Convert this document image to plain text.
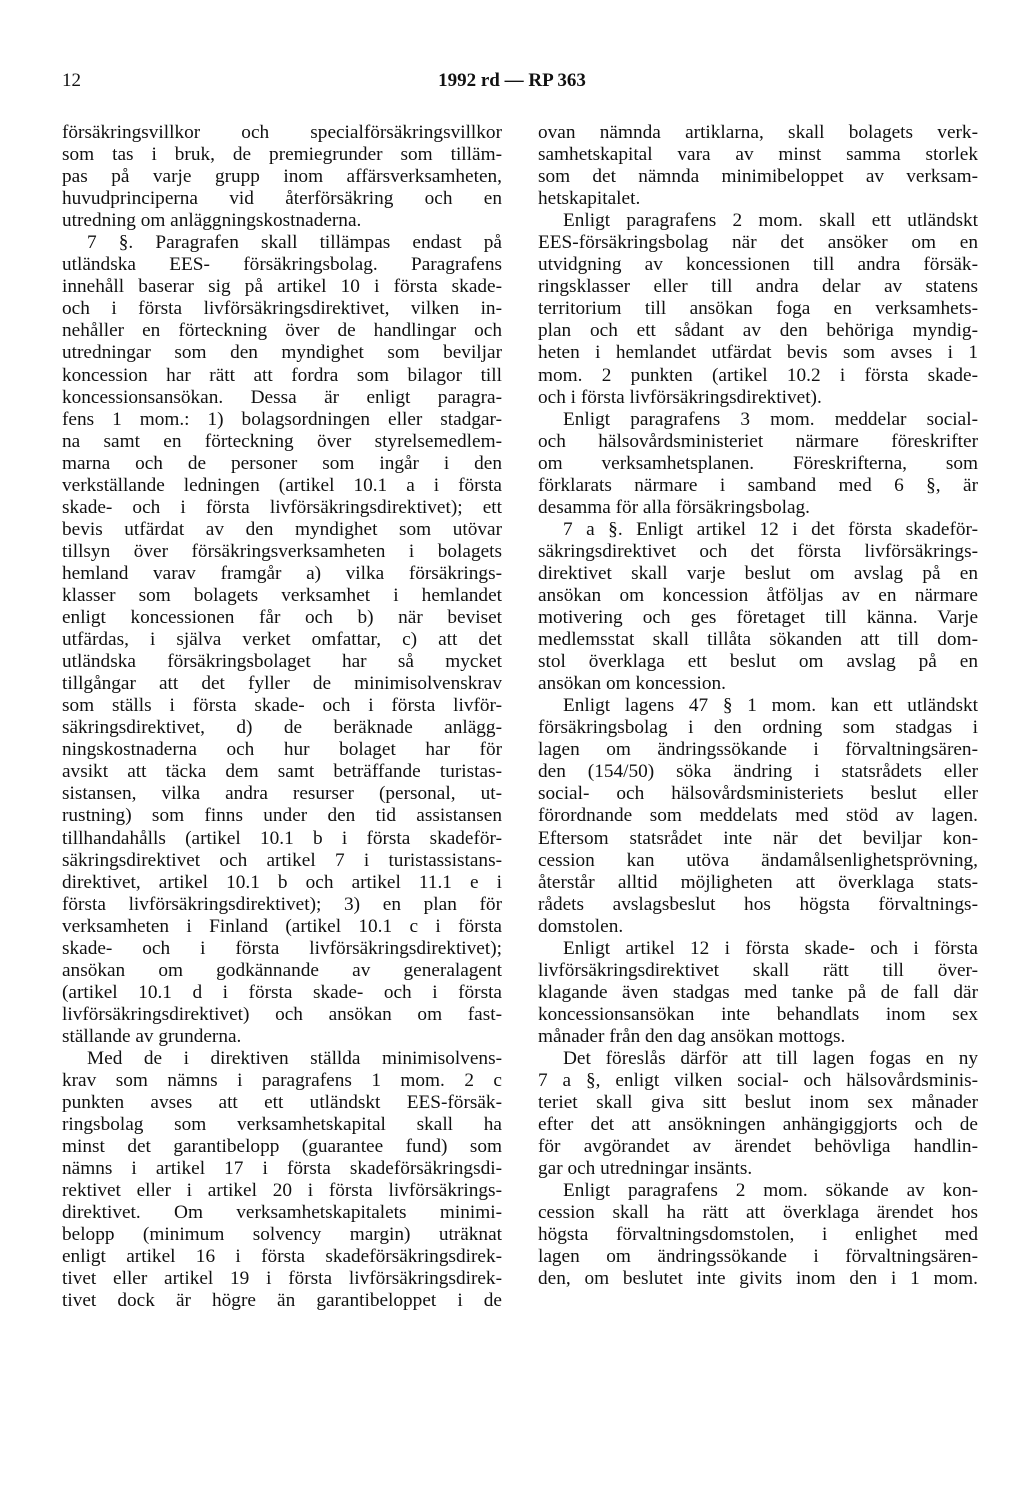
12	1992 rd — RP 363
försäkringsvillkor och specialförsäkringsvillkor
som tas i bruk, de premiegrunder som tilläm-
pas på varje grupp inom affärsverksamheten,
huvudprinciperna vid återförsäkring och en
utredning om anläggningskostnaderna.
7 §. Paragrafen skall tillämpas endast på
utländska EES- försäkringsbolag. Paragrafens
innehåll baserar sig på artikel 10 i första skade-
och i första livförsäkringsdirektivet, vilken in-
nehåller en förteckning över de handlingar och
utredningar som den myndighet som beviljar
koncession har rätt att fordra som bilagor till
koncessionsansökan. Dessa är enligt paragra-
fens 1 mom.: 1) bolagsordningen eller stadgar-
na samt en förteckning över styrelsemedlem-
marna och de personer som ingår i den
verkställande ledningen (artikel 10.1 a i första
skade- och i första livförsäkringsdirektivet); ett
bevis utfärdat av den myndighet som utövar
tillsyn över försäkringsverksamheten i bolagets
hemland varav framgår a) vilka försäkrings-
klasser som bolagets verksamhet i hemlandet
enligt koncessionen får och b) när beviset
utfärdas, i själva verket omfattar, c) att det
utländska försäkringsbolaget har så mycket
tillgångar att det fyller de minimisolvenskrav
som ställs i första skade- och i första livför-
säkringsdirektivet, d) de beräknade anlägg-
ningskostnaderna och hur bolaget har för
avsikt att täcka dem samt beträffande turistas-
sistansen, vilka andra resurser (personal, ut-
rustning) som finns under den tid assistansen
tillhandahålls (artikel 10.1 b i första skadeför-
säkringsdirektivet och artikel 7 i turistassistans-
direktivet, artikel 10.1 b och artikel 11.1 e i
första livförsäkringsdirektivet); 3) en plan för
verksamheten i Finland (artikel 10.1 c i första
skade- och i första livförsäkringsdirektivet);
ansökan om godkännande av generalagent
(artikel 10.1 d i första skade- och i första
livförsäkringsdirektivet) och ansökan om fast-
ställande av grunderna.
Med de i direktiven ställda minimisolvens-
krav som nämns i paragrafens 1 mom. 2 c
punkten avses att ett utländskt EES-försäk-
ringsbolag som verksamhetskapital skall ha
minst det garantibelopp (guarantee fund) som
nämns i artikel 17 i första skadeförsäkringsdi-
rektivet eller i artikel 20 i första livförsäkrings-
direktivet. Om verksamhetskapitalets minimi-
belopp (minimum solvency margin) uträknat
enligt artikel 16 i första skadeförsäkringsdirek-
tivet eller artikel 19 i första livförsäkringsdirek-
tivet dock är högre än garantibeloppet i de
ovan nämnda artiklarna, skall bolagets verk-
samhetskapital vara av minst samma storlek
som det nämnda minimibeloppet av verksam-
hetskapitalet.
Enligt paragrafens 2 mom. skall ett utländskt
EES-försäkringsbolag när det ansöker om en
utvidgning av koncessionen till andra försäk-
ringsklasser eller till andra delar av statens
territorium till ansökan foga en verksamhets-
plan och ett sådant av den behöriga myndig-
heten i hemlandet utfärdat bevis som avses i 1
mom. 2 punkten (artikel 10.2 i första skade-
och i första livförsäkringsdirektivet).
Enligt paragrafens 3 mom. meddelar social-
och hälsovårdsministeriet närmare föreskrifter
om verksamhetsplanen. Föreskrifterna, som
förklarats närmare i samband med 6 §, är
desamma för alla försäkringsbolag.
7 a §. Enligt artikel 12 i det första skadeför-
säkringsdirektivet och det första livförsäkrings-
direktivet skall varje beslut om avslag på en
ansökan om koncession åtföljas av en närmare
motivering och ges företaget till känna. Varje
medlemsstat skall tillåta sökanden att till dom-
stol överklaga ett beslut om avslag på en
ansökan om koncession.
Enligt lagens 47 § 1 mom. kan ett utländskt
försäkringsbolag i den ordning som stadgas i
lagen om ändringssökande i förvaltningsären-
den (154/50) söka ändring i statsrådets eller
social- och hälsovårdsministeriets beslut eller
förordnande som meddelats med stöd av lagen.
Eftersom statsrådet inte när det beviljar kon-
cession kan utöva ändamålsenlighetsprövning,
återstår alltid möjligheten att överklaga stats-
rådets avslagsbeslut hos högsta förvaltnings-
domstolen.
Enligt artikel 12 i första skade- och i första
livförsäkringsdirektivet skall rätt till över-
klagande även stadgas med tanke på de fall där
koncessionsansökan inte behandlats inom sex
månader från den dag ansökan mottogs.
Det föreslås därför att till lagen fogas en ny
7 a §, enligt vilken social- och hälsovårdsminis-
teriet skall giva sitt beslut inom sex månader
efter det att ansökningen anhängiggjorts och de
för avgörandet av ärendet behövliga handlin-
gar och utredningar insänts.
Enligt paragrafens 2 mom. sökande av kon-
cession skall ha rätt att överklaga ärendet hos
högsta förvaltningsdomstolen, i enlighet med
lagen om ändringssökande i förvaltningsären-
den, om beslutet inte givits inom den i 1 mom.
